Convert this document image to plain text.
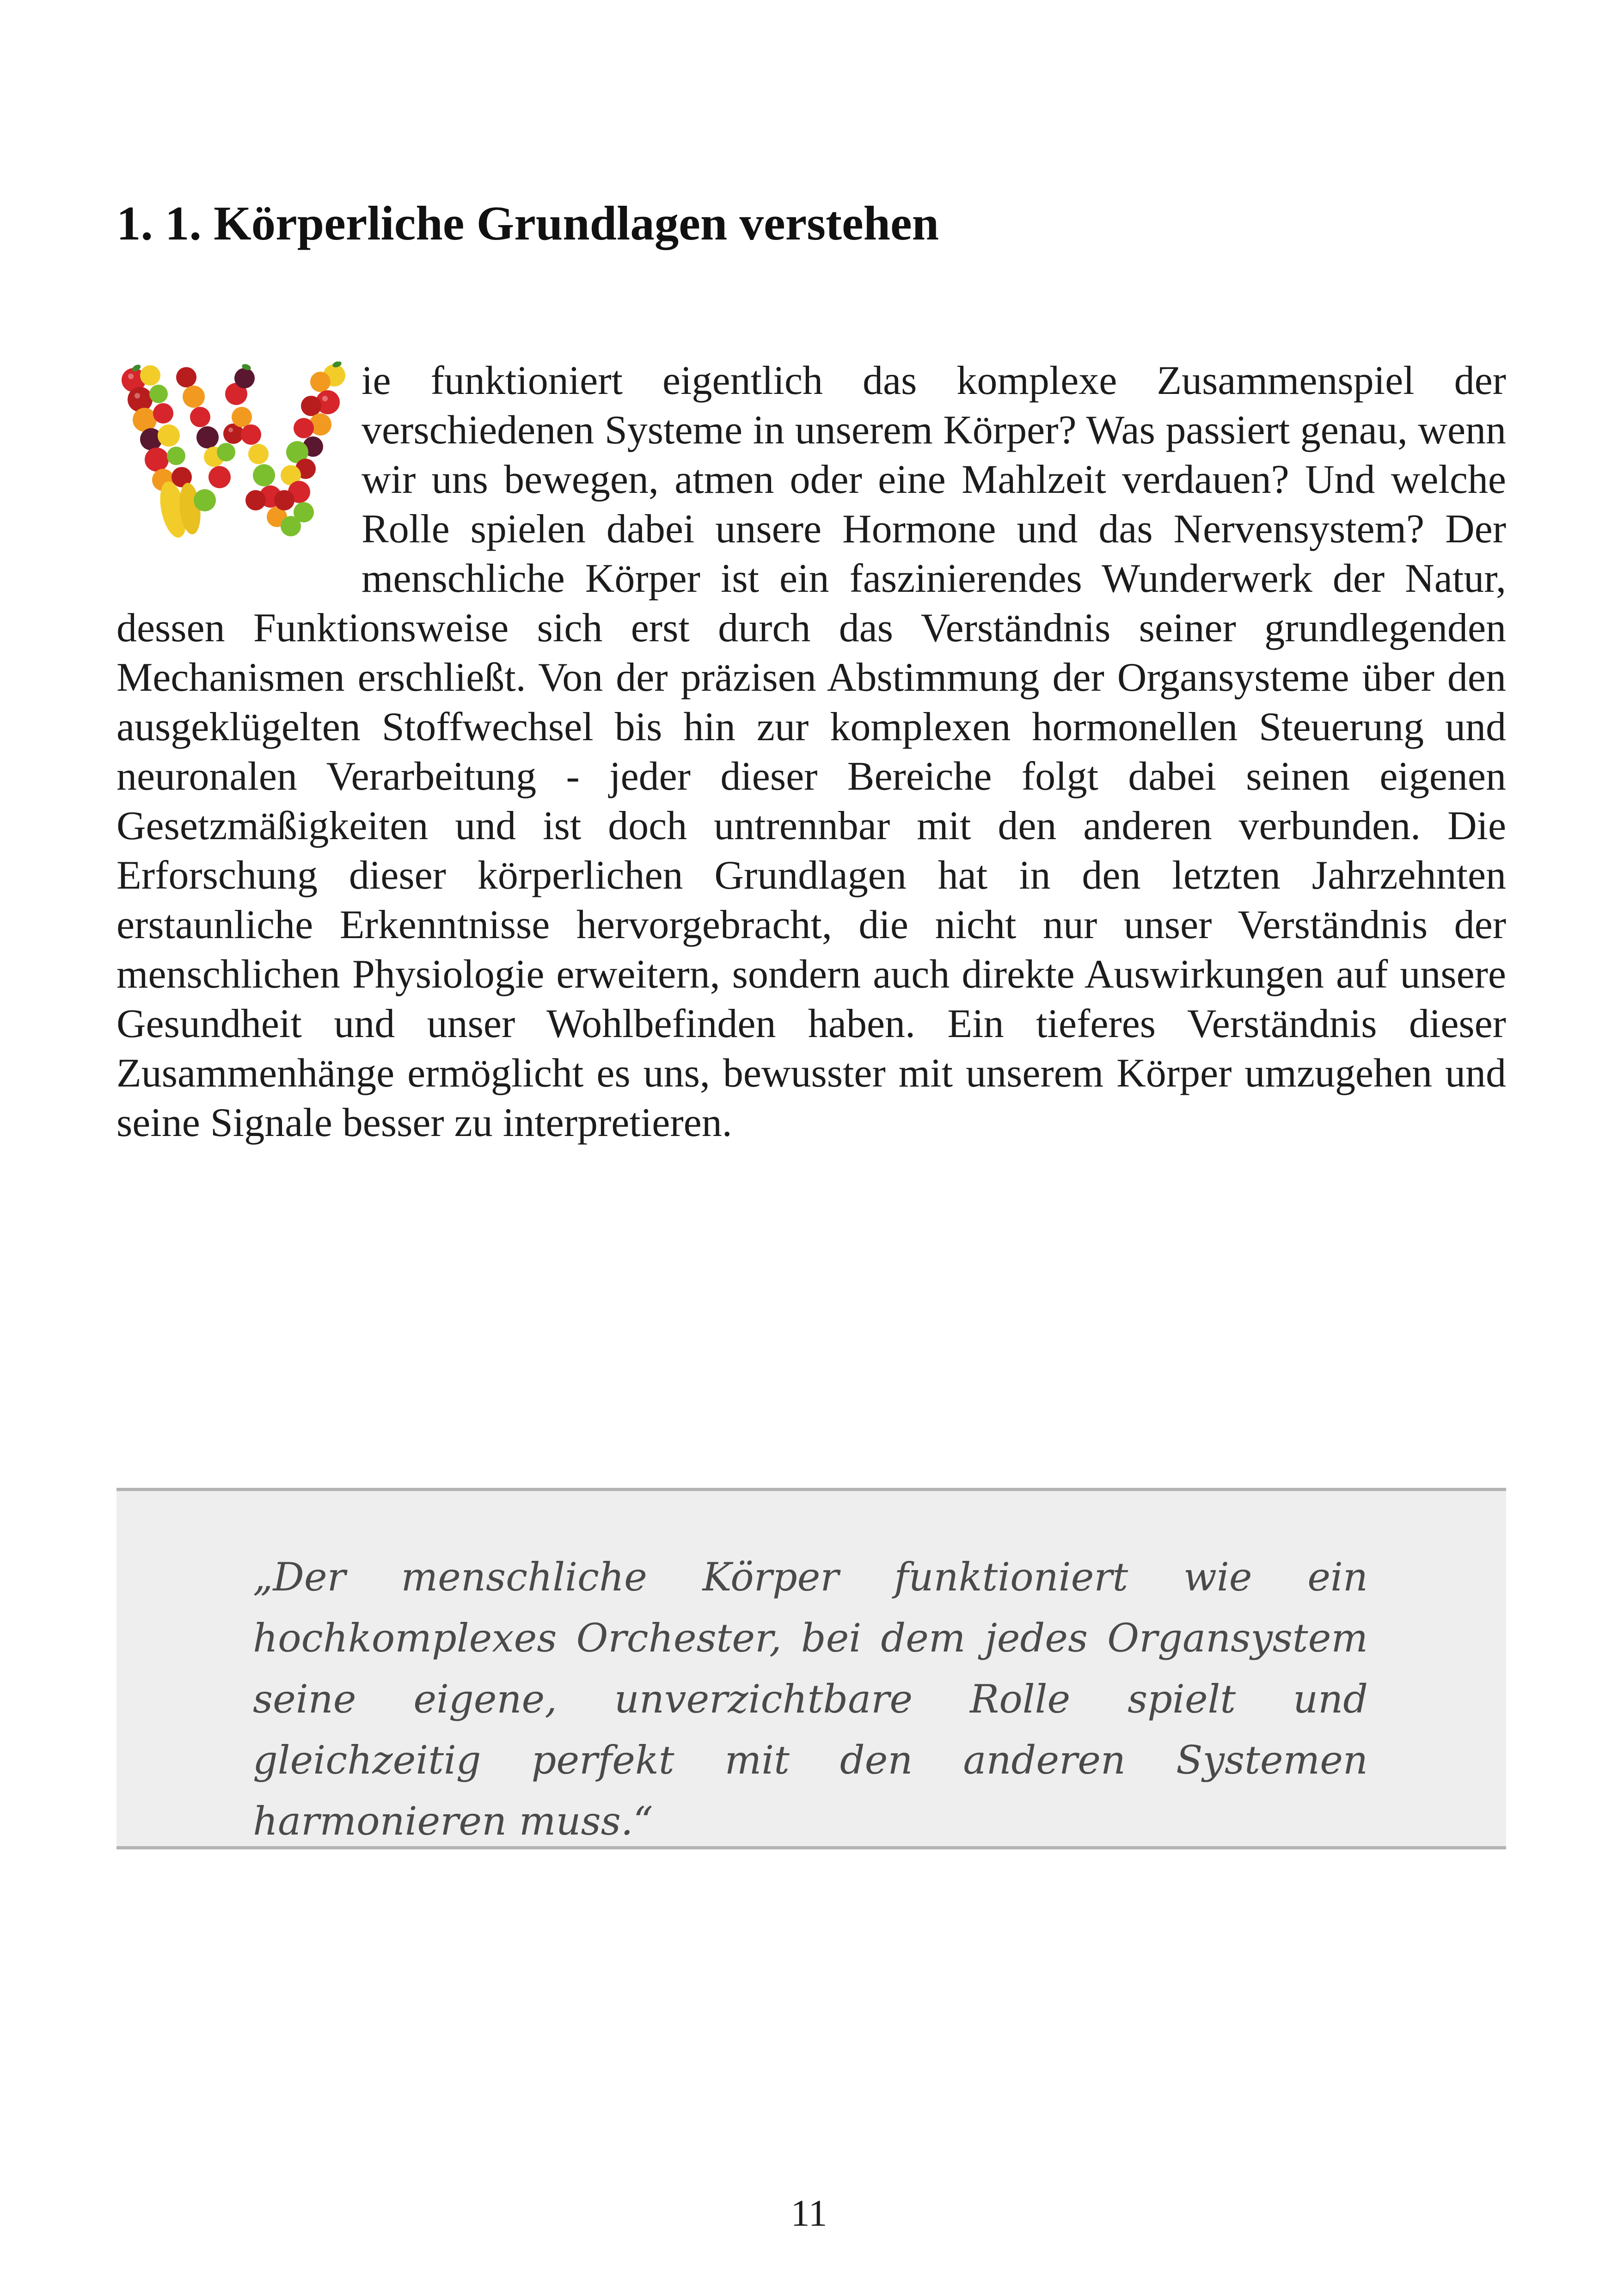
1. 1. Körperliche Grundlagen verstehen

ie funktioniert eigentlich das komplexe Zusammenspiel der verschiedenen Systeme in unserem Körper? Was passiert genau, wenn wir uns bewegen, atmen oder eine Mahlzeit verdauen? Und welche Rolle spielen dabei unsere Hormone und das Nervensystem? Der menschliche Körper ist ein faszinierendes Wunderwerk der Natur, dessen Funktionsweise sich erst durch das Verständnis seiner grundlegenden Mechanismen erschließt. Von der präzisen Abstimmung der Organsysteme über den ausgeklügelten Stoffwechsel bis hin zur komplexen hormonellen Steuerung und neuronalen Verarbeitung - jeder dieser Bereiche folgt dabei seinen eigenen Gesetzmäßigkeiten und ist doch untrennbar mit den anderen verbunden. Die Erforschung dieser körperlichen Grundlagen hat in den letzten Jahrzehnten erstaunliche Erkenntnisse hervorgebracht, die nicht nur unser Verständnis der menschlichen Physiologie erweitern, sondern auch direkte Auswirkungen auf unsere Gesundheit und unser Wohlbefinden haben. Ein tieferes Verständnis dieser Zusammenhänge ermöglicht es uns, bewusster mit unserem Körper umzugehen und seine Signale besser zu interpretieren.

„Der menschliche Körper funktioniert wie ein hochkomplexes Orchester, bei dem jedes Organsystem seine eigene, unverzichtbare Rolle spielt und gleichzeitig perfekt mit den anderen Systemen harmonieren muss.“

11
